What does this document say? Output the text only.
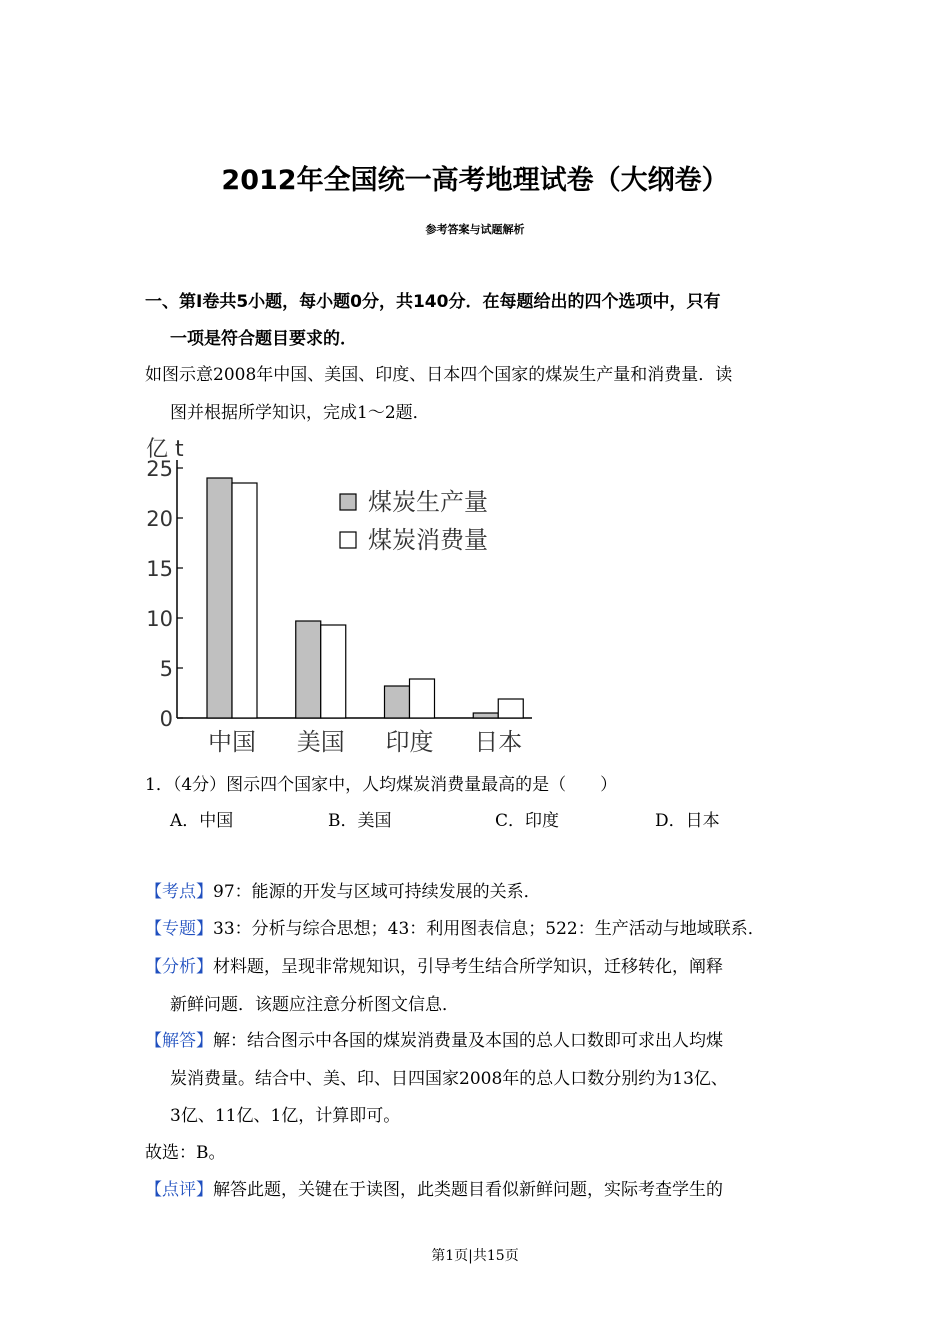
2012年全国统一高考地理试卷（大纲卷）
参考答案与试题解析
一、第Ⅰ卷共5小题，每小题0分，共140分．在每题给出的四个选项中，只有
一项是符合题目要求的．
如图示意2008年中国、美国、印度、日本四个国家的煤炭生产量和消费量．读
图并根据所学知识，完成1～2题．
亿 t
0
5
10
15
20
25
中国 美国 印度 日本
煤炭生产量
煤炭消费量
1．（4分）图示四个国家中，人均煤炭消费量最高的是（　　）
A．中国	B．美国	C．印度	D．日本
【考点】97：能源的开发与区域可持续发展的关系．
【专题】33：分析与综合思想；43：利用图表信息；522：生产活动与地域联系．
【分析】材料题，呈现非常规知识，引导考生结合所学知识，迁移转化，阐释
新鲜问题．该题应注意分析图文信息．
【解答】解：结合图示中各国的煤炭消费量及本国的总人口数即可求出人均煤
炭消费量。结合中、美、印、日四国家2008年的总人口数分别约为13亿、
3亿、11亿、1亿，计算即可。
故选：B。
【点评】解答此题，关键在于读图，此类题目看似新鲜问题，实际考查学生的
第1页|共15页
